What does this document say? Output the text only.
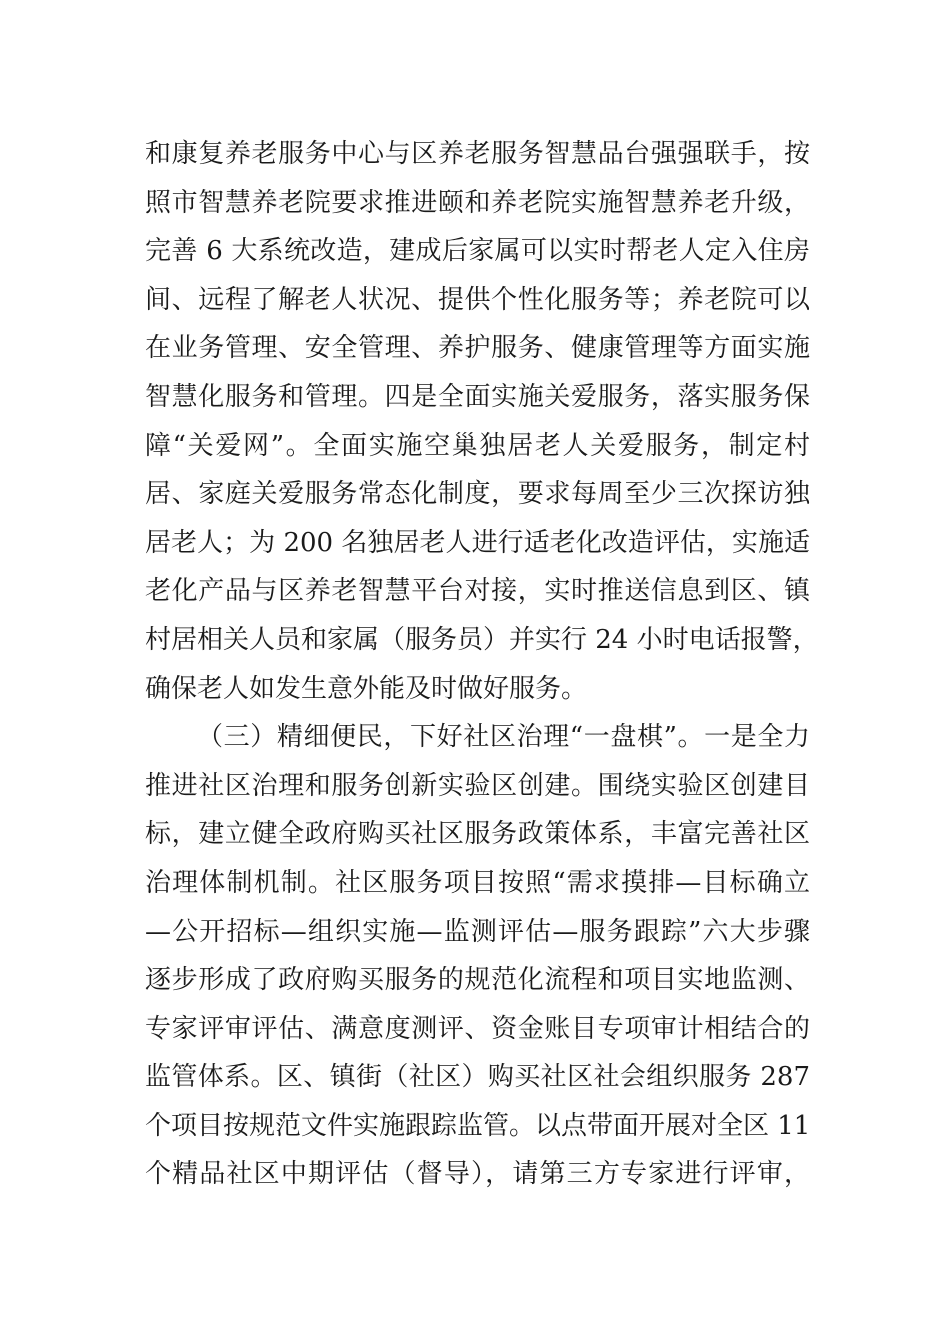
和康复养老服务中心与区养老服务智慧品台强强联手，按
照市智慧养老院要求推进颐和养老院实施智慧养老升级，
完善 6 大系统改造，建成后家属可以实时帮老人定入住房
间、远程了解老人状况、提供个性化服务等；养老院可以
在业务管理、安全管理、养护服务、健康管理等方面实施
智慧化服务和管理。四是全面实施关爱服务，落实服务保
障“关爱网”。全面实施空巢独居老人关爱服务，制定村
居、家庭关爱服务常态化制度，要求每周至少三次探访独
居老人；为 200 名独居老人进行适老化改造评估，实施适
老化产品与区养老智慧平台对接，实时推送信息到区、镇
村居相关人员和家属（服务员）并实行 24 小时电话报警，
确保老人如发生意外能及时做好服务。
（三）精细便民，下好社区治理“一盘棋”。一是全力
推进社区治理和服务创新实验区创建。围绕实验区创建目
标，建立健全政府购买社区服务政策体系，丰富完善社区
治理体制机制。社区服务项目按照“需求摸排—目标确立
—公开招标—组织实施—监测评估—服务跟踪”六大步骤
逐步形成了政府购买服务的规范化流程和项目实地监测、
专家评审评估、满意度测评、资金账目专项审计相结合的
监管体系。区、镇街（社区）购买社区社会组织服务 287
个项目按规范文件实施跟踪监管。以点带面开展对全区 11
个精品社区中期评估（督导），请第三方专家进行评审，
